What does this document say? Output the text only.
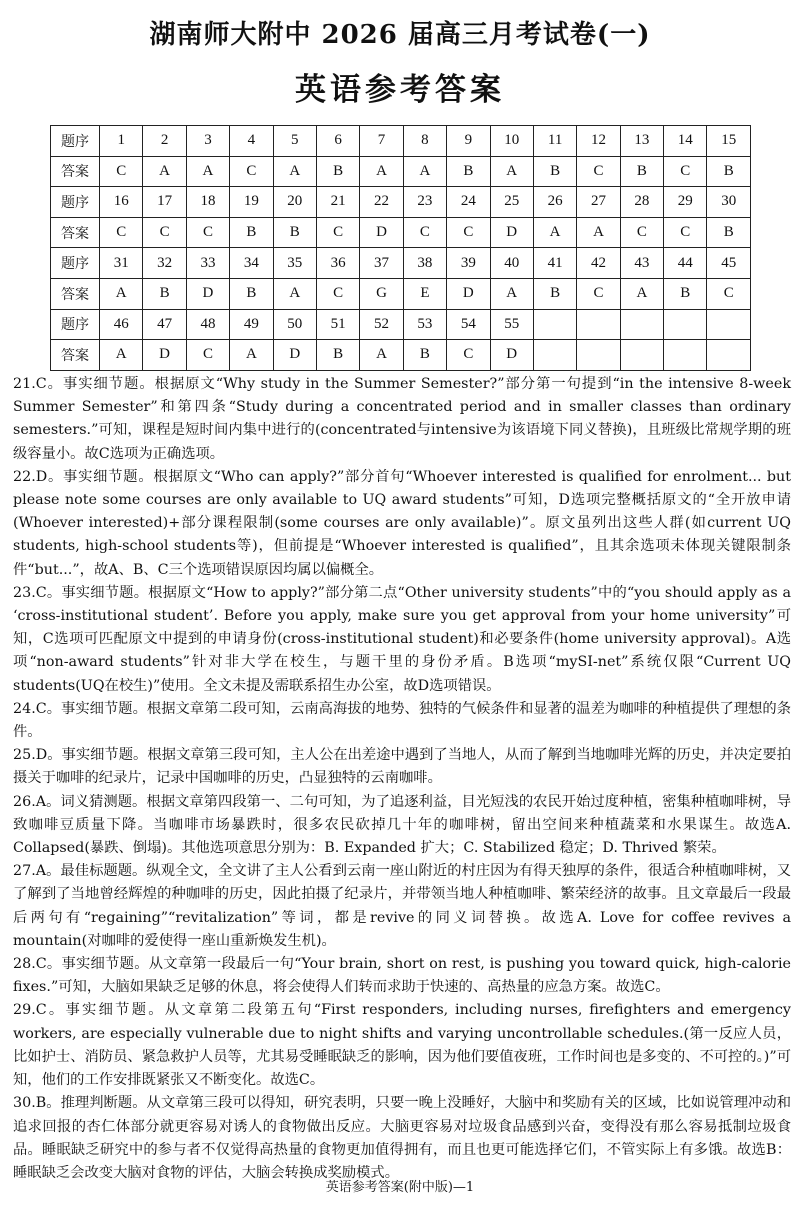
湖南师大附中 2026 届高三月考试卷(一)
英语参考答案
题序	1	2	3	4	5	6	7	8	9	10	11	12	13	14	15
答案	C	A	A	C	A	B	A	A	B	A	B	C	B	C	B
题序	16	17	18	19	20	21	22	23	24	25	26	27	28	29	30
答案	C	C	C	B	B	C	D	C	C	D	A	A	C	C	B
题序	31	32	33	34	35	36	37	38	39	40	41	42	43	44	45
答案	A	B	D	B	A	C	G	E	D	A	B	C	A	B	C
题序	46	47	48	49	50	51	52	53	54	55					
答案	A	D	C	A	D	B	A	B	C	D					

21.C。事实细节题。根据原文“Why study in the Summer Semester?”部分第一句提到“in the intensive 8-week Summer Semester”和第四条“Study during a concentrated period and in smaller classes than ordinary semesters.”可知，课程是短时间内集中进行的(concentrated与intensive为该语境下同义替换)，且班级比常规学期的班级容量小。故C选项为正确选项。

22.D。事实细节题。根据原文“Who can apply?”部分首句“Whoever interested is qualified for enrolment... but please note some courses are only available to UQ award students”可知，D选项完整概括原文的“全开放申请(Whoever interested)+部分课程限制(some courses are only available)”。原文虽列出这些人群(如current UQ students, high-school students等)，但前提是“Whoever interested is qualified”，且其余选项未体现关键限制条件“but...”，故A、B、C三个选项错误原因均属以偏概全。

23.C。事实细节题。根据原文“How to apply?”部分第二点“Other university students”中的“you should apply as a ‘cross-institutional student’. Before you apply, make sure you get approval from your home university”可知，C选项可匹配原文中提到的申请身份(cross-institutional student)和必要条件(home university approval)。A选项“non-award students”针对非大学在校生，与题干里的身份矛盾。B选项“mySI-net”系统仅限“Current UQ students(UQ在校生)”使用。全文未提及需联系招生办公室，故D选项错误。

24.C。事实细节题。根据文章第二段可知，云南高海拔的地势、独特的气候条件和显著的温差为咖啡的种植提供了理想的条件。

25.D。事实细节题。根据文章第三段可知，主人公在出差途中遇到了当地人，从而了解到当地咖啡光辉的历史，并决定要拍摄关于咖啡的纪录片，记录中国咖啡的历史，凸显独特的云南咖啡。

26.A。词义猜测题。根据文章第四段第一、二句可知，为了追逐利益，目光短浅的农民开始过度种植，密集种植咖啡树，导致咖啡豆质量下降。当咖啡市场暴跌时，很多农民砍掉几十年的咖啡树，留出空间来种植蔬菜和水果谋生。故选A. Collapsed(暴跌、倒塌)。其他选项意思分别为：B. Expanded 扩大；C. Stabilized 稳定；D. Thrived 繁荣。

27.A。最佳标题题。纵观全文，全文讲了主人公看到云南一座山附近的村庄因为有得天独厚的条件，很适合种植咖啡树，又了解到了当地曾经辉煌的种咖啡的历史，因此拍摄了纪录片，并带领当地人种植咖啡、繁荣经济的故事。且文章最后一段最后两句有“regaining”“revitalization”等词，都是revive的同义词替换。故选A. Love for coffee revives a mountain(对咖啡的爱使得一座山重新焕发生机)。

28.C。事实细节题。从文章第一段最后一句“Your brain, short on rest, is pushing you toward quick, high-calorie fixes.”可知，大脑如果缺乏足够的休息，将会使得人们转而求助于快速的、高热量的应急方案。故选C。

29.C。事实细节题。从文章第二段第五句“First responders, including nurses, firefighters and emergency workers, are especially vulnerable due to night shifts and varying uncontrollable schedules.(第一反应人员，比如护士、消防员、紧急救护人员等，尤其易受睡眠缺乏的影响，因为他们要值夜班，工作时间也是多变的、不可控的。)”可知，他们的工作安排既紧张又不断变化。故选C。

30.B。推理判断题。从文章第三段可以得知，研究表明，只要一晚上没睡好，大脑中和奖励有关的区域，比如说管理冲动和追求回报的杏仁体部分就更容易对诱人的食物做出反应。大脑更容易对垃圾食品感到兴奋，变得没有那么容易抵制垃圾食品。睡眠缺乏研究中的参与者不仅觉得高热量的食物更加值得拥有，而且也更可能选择它们，不管实际上有多饿。故选B：睡眠缺乏会改变大脑对食物的评估，大脑会转换成奖励模式。

英语参考答案(附中版)—1
